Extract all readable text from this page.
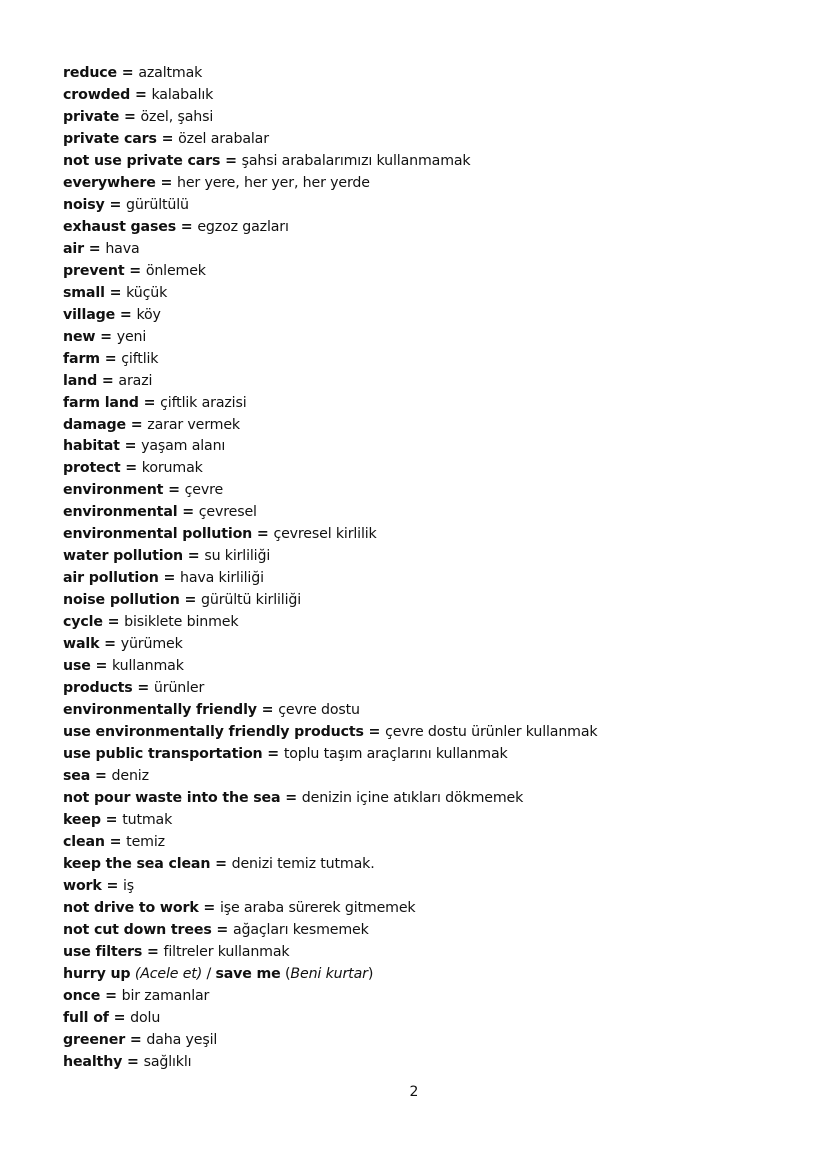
reduce = azaltmak
crowded = kalabalık
private = özel, şahsi
private cars = özel arabalar
not use private cars = şahsi arabalarımızı kullanmamak
everywhere = her yere, her yer, her yerde
noisy = gürültülü
exhaust gases = egzoz gazları
air = hava
prevent = önlemek
small = küçük
village = köy
new = yeni
farm = çiftlik
land = arazi
farm land = çiftlik arazisi
damage = zarar vermek
habitat = yaşam alanı
protect = korumak
environment = çevre
environmental = çevresel
environmental pollution = çevresel kirlilik
water pollution = su kirliliği
air pollution = hava kirliliği
noise pollution = gürültü kirliliği
cycle = bisiklete binmek
walk = yürümek
use = kullanmak
products = ürünler
environmentally friendly = çevre dostu
use environmentally friendly products = çevre dostu ürünler kullanmak
use public transportation = toplu taşım araçlarını kullanmak
sea = deniz
not pour waste into the sea = denizin içine atıkları dökmemek
keep = tutmak
clean = temiz
keep the sea clean = denizi temiz tutmak.
work = iş
not drive to work = işe araba sürerek gitmemek
not cut down trees = ağaçları kesmemek
use filters = filtreler kullanmak
hurry up (Acele et) / save me (Beni kurtar)
once = bir zamanlar
full of = dolu
greener = daha yeşil
healthy = sağlıklı
2
